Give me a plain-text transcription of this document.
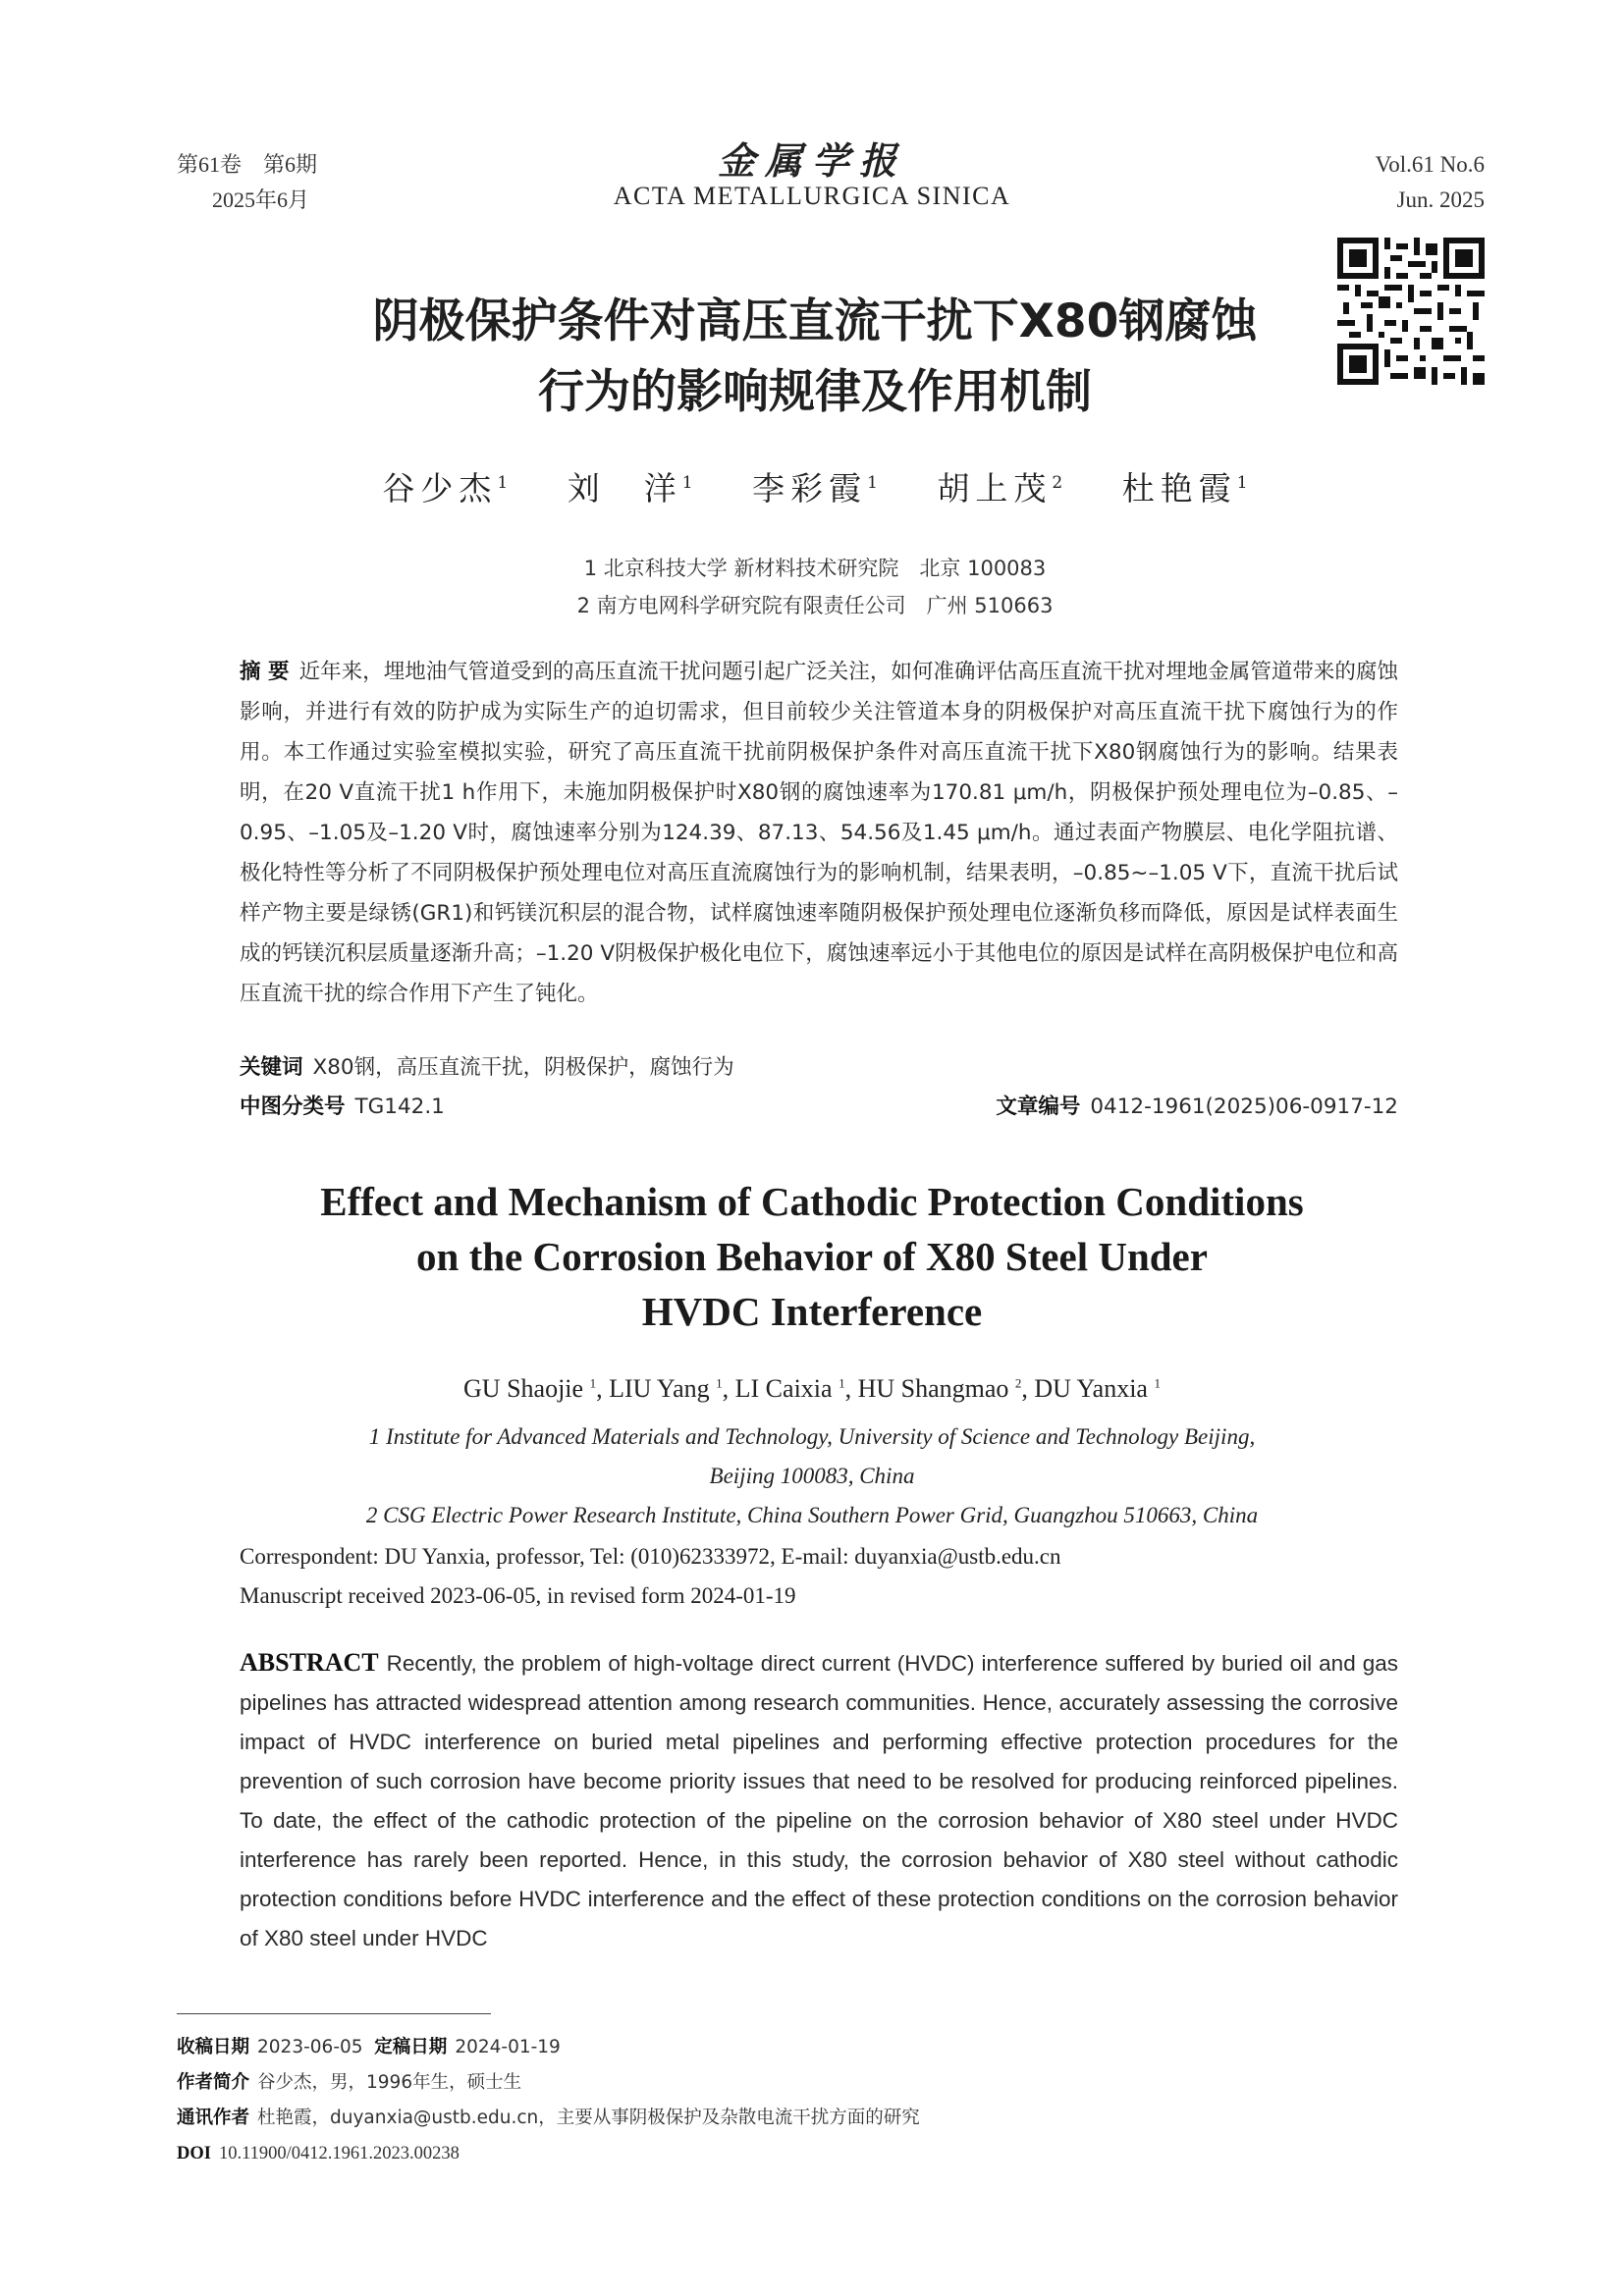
第61卷　第6期
2025年6月
金属学报
ACTA METALLURGICA SINICA
Vol.61 No.6
Jun. 2025
阴极保护条件对高压直流干扰下X80钢腐蚀
行为的影响规律及作用机制
谷少杰$^1$ 刘　洋$^1$ 李彩霞$^1$ 胡上茂$^2$ 杜艳霞$^1$
1 北京科技大学 新材料技术研究院　北京 100083
2 南方电网科学研究院有限责任公司　广州 510663
摘 要 近年来，埋地油气管道受到的高压直流干扰问题引起广泛关注，如何准确评估高压直流干扰对埋地金属管道带来的腐蚀影响，并进行有效的防护成为实际生产的迫切需求，但目前较少关注管道本身的阴极保护对高压直流干扰下腐蚀行为的作用。本工作通过实验室模拟实验，研究了高压直流干扰前阴极保护条件对高压直流干扰下X80钢腐蚀行为的影响。结果表明，在20 V直流干扰1 h作用下，未施加阴极保护时X80钢的腐蚀速率为170.81 μm/h，阴极保护预处理电位为–0.85、–0.95、–1.05及–1.20 V时，腐蚀速率分别为124.39、87.13、54.56及1.45 μm/h。通过表面产物膜层、电化学阻抗谱、极化特性等分析了不同阴极保护预处理电位对高压直流腐蚀行为的影响机制，结果表明，–0.85~–1.05 V下，直流干扰后试样产物主要是绿锈(GR1)和钙镁沉积层的混合物，试样腐蚀速率随阴极保护预处理电位逐渐负移而降低，原因是试样表面生成的钙镁沉积层质量逐渐升高；–1.20 V阴极保护极化电位下，腐蚀速率远小于其他电位的原因是试样在高阴极保护电位和高压直流干扰的综合作用下产生了钝化。
关键词 X80钢，高压直流干扰，阴极保护，腐蚀行为
中图分类号 TG142.1	文章编号 0412-1961(2025)06-0917-12
Effect and Mechanism of Cathodic Protection Conditions
on the Corrosion Behavior of X80 Steel Under
HVDC Interference
GU Shaojie $^1$, LIU Yang $^1$, LI Caixia $^1$, HU Shangmao $^2$, DU Yanxia $^1$
1 Institute for Advanced Materials and Technology, University of Science and Technology Beijing,
Beijing 100083, China
2 CSG Electric Power Research Institute, China Southern Power Grid, Guangzhou 510663, China
Correspondent: DU Yanxia, professor, Tel: (010)62333972, E-mail: duyanxia@ustb.edu.cn
Manuscript received 2023-06-05, in revised form 2024-01-19
ABSTRACT Recently, the problem of high-voltage direct current (HVDC) interference suffered by buried oil and gas pipelines has attracted widespread attention among research communities. Hence, accurately assessing the corrosive impact of HVDC interference on buried metal pipelines and performing effective protection procedures for the prevention of such corrosion have become priority issues that need to be resolved for producing reinforced pipelines. To date, the effect of the cathodic protection of the pipeline on the corrosion behavior of X80 steel under HVDC interference has rarely been reported. Hence, in this study, the corrosion behavior of X80 steel without cathodic protection conditions before HVDC interference and the effect of these protection conditions on the corrosion behavior of X80 steel under HVDC
收稿日期 2023-06-05 定稿日期 2024-01-19
作者简介 谷少杰，男，1996年生，硕士生
通讯作者 杜艳霞，duyanxia@ustb.edu.cn，主要从事阴极保护及杂散电流干扰方面的研究
DOI 10.11900/0412.1961.2023.00238
